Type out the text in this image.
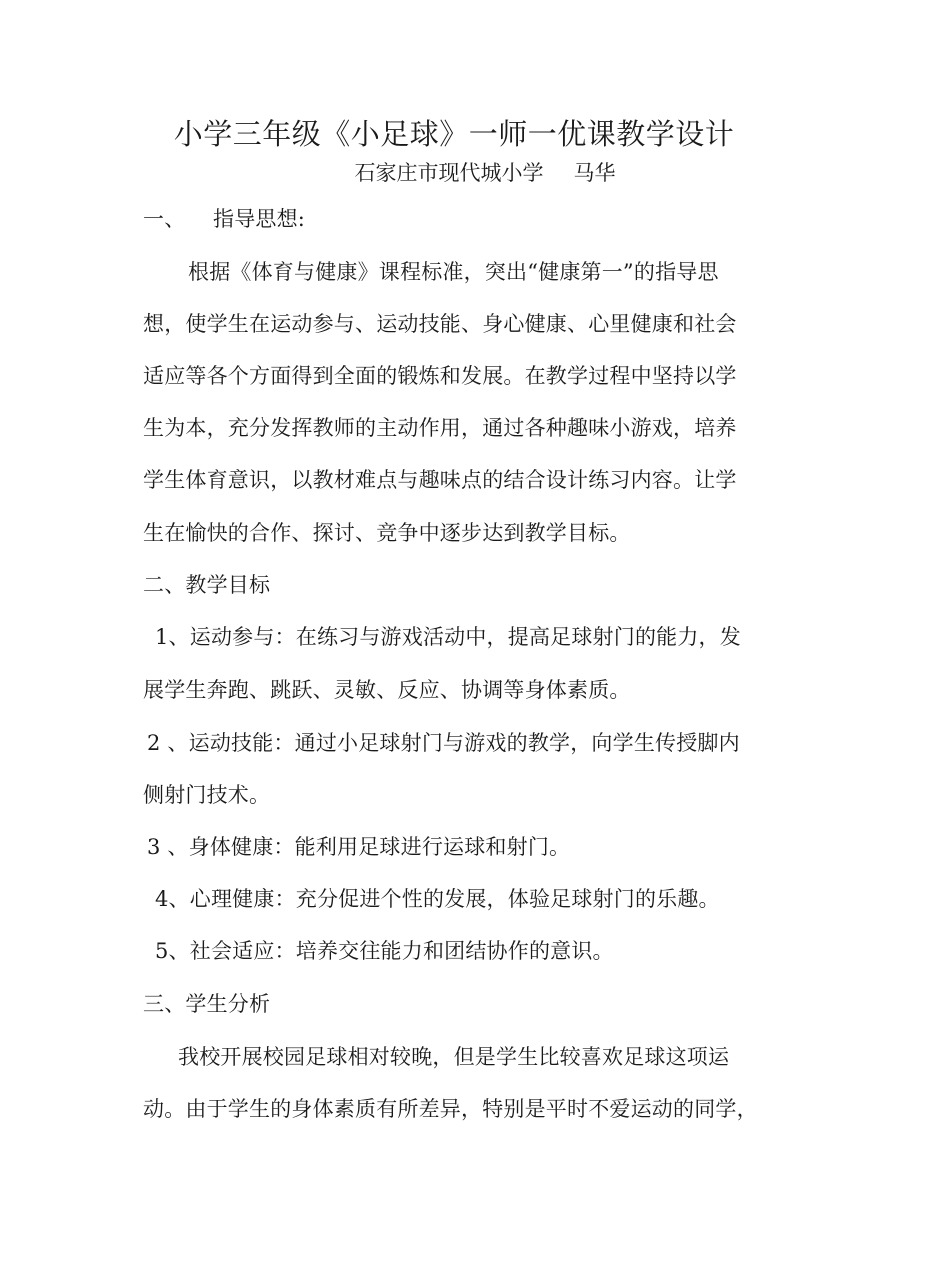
小学三年级《小足球》一师一优课教学设计
石家庄市现代城小学 马华
一、 指导思想:
根据《体育与健康》课程标准，突出“健康第一”的指导思
想，使学生在运动参与、运动技能、身心健康、心里健康和社会
适应等各个方面得到全面的锻炼和发展。在教学过程中坚持以学
生为本，充分发挥教师的主动作用，通过各种趣味小游戏，培养
学生体育意识，以教材难点与趣味点的结合设计练习内容。让学
生在愉快的合作、探讨、竞争中逐步达到教学目标。
二、教学目标
1、运动参与：在练习与游戏活动中，提高足球射门的能力，发
展学生奔跑、跳跃、灵敏、反应、协调等身体素质。
2 、运动技能：通过小足球射门与游戏的教学，向学生传授脚内
侧射门技术。
3 、身体健康：能利用足球进行运球和射门。
4、心理健康：充分促进个性的发展，体验足球射门的乐趣。
5、社会适应：培养交往能力和团结协作的意识。
三、学生分析
我校开展校园足球相对较晚，但是学生比较喜欢足球这项运
动。由于学生的身体素质有所差异，特别是平时不爱运动的同学，
